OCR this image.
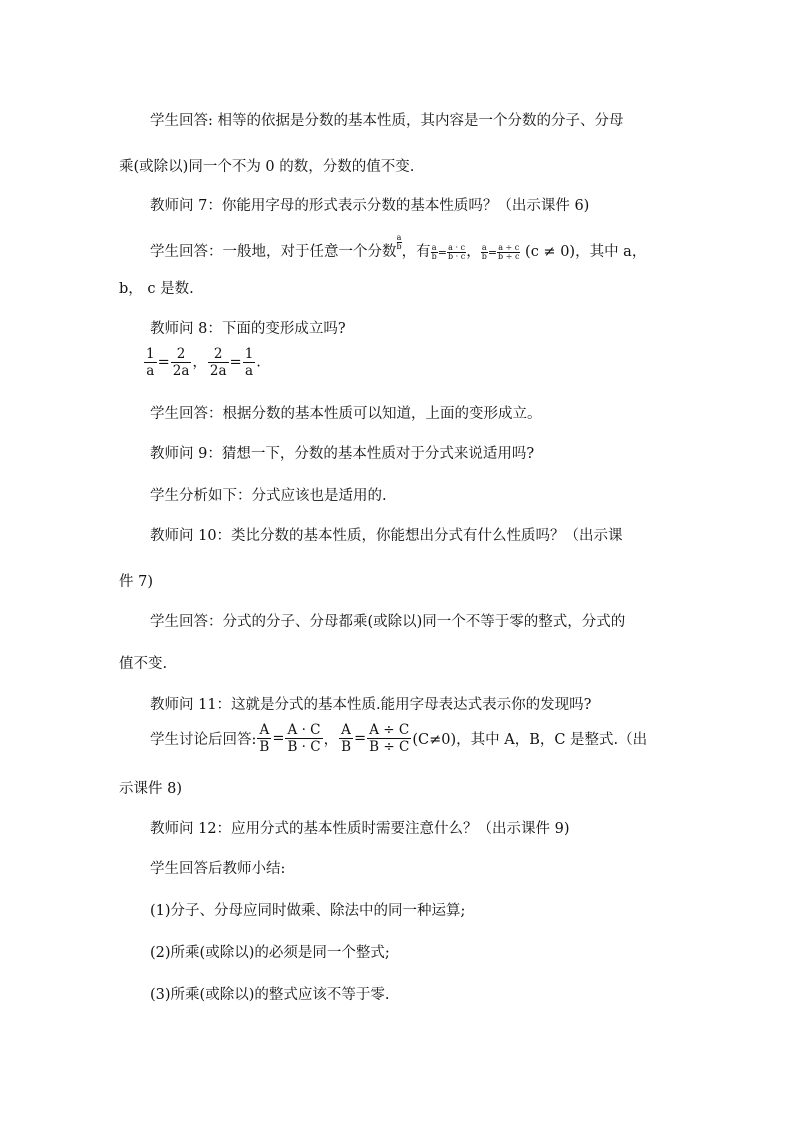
学生回答: 相等的依据是分数的基本性质，其内容是一个分数的分子、分母
乘(或除以)同一个不为 0 的数，分数的值不变.
教师问 7：你能用字母的形式表示分数的基本性质吗？（出示课件 6)
学生回答：一般地，对于任意一个分数
$\frac{a}{b}$
，有 $\frac{a}{b} = \frac{a \cdot c}{b \cdot c}$ ， $\frac{a}{b} = \frac{a \div c}{b \div c} (c \ne 0)$，其中 a，
b， c 是数.
教师问 8：下面的变形成立吗?
$\frac{1}{a} = \frac{2}{2a}$ ， $\frac{2}{2a} = \frac{1}{a}$ .
学生回答：根据分数的基本性质可以知道，上面的变形成立。
教师问 9：猜想一下，分数的基本性质对于分式来说适用吗?
学生分析如下：分式应该也是适用的.
教师问 10：类比分数的基本性质，你能想出分式有什么性质吗？（出示课
件 7)
学生回答：分式的分子、分母都乘(或除以)同一个不等于零的整式，分式的
值不变.
教师问 11：这就是分式的基本性质.能用字母表达式表示你的发现吗?
学生讨论后回答: $\frac{A}{B} = \frac{A \cdot C}{B \cdot C}$ ， $\frac{A}{B} = \frac{A \div C}{B \div C} (C\ne 0)$，其中 A，B，C 是整式.（出
示课件 8)
教师问 12：应用分式的基本性质时需要注意什么？（出示课件 9)
学生回答后教师小结:
(1)分子、分母应同时做乘、除法中的同一种运算;
(2)所乘(或除以)的必须是同一个整式;
(3)所乘(或除以)的整式应该不等于零.
